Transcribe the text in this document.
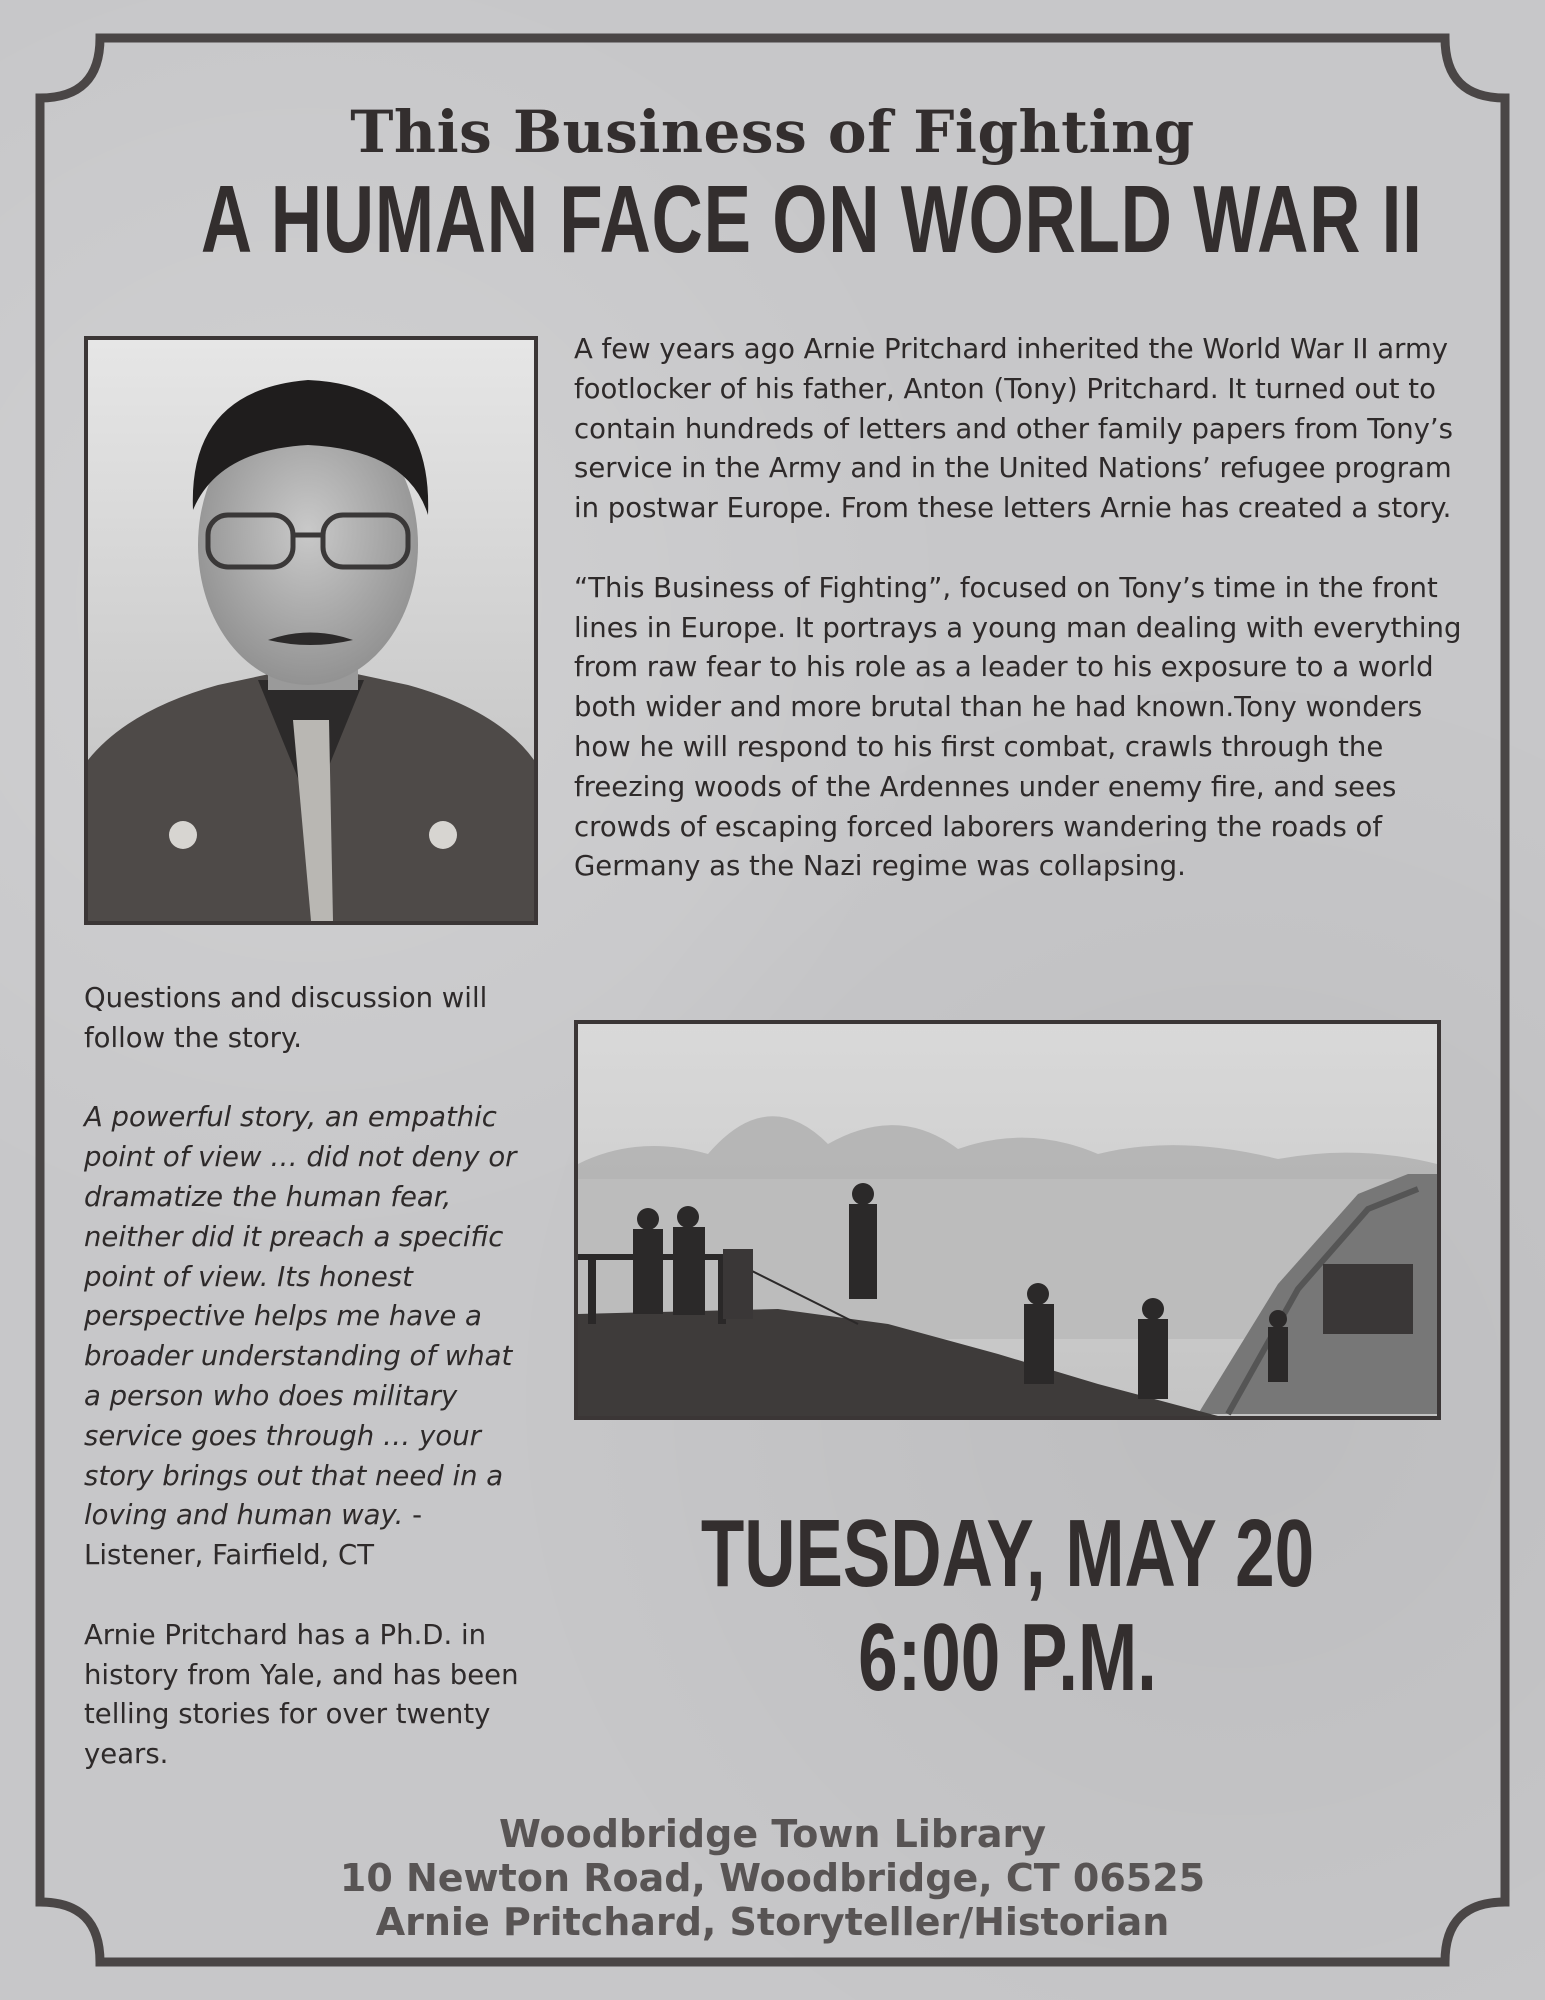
This Business of Fighting
A HUMAN FACE ON WORLD WAR II

A few years ago Arnie Pritchard inherited the World War II army footlocker of his father, Anton (Tony) Pritchard. It turned out to contain hundreds of letters and other family papers from Tony’s service in the Army and in the United Nations’ refugee program in postwar Europe. From these letters Arnie has created a story.

“This Business of Fighting”, focused on Tony’s time in the front lines in Europe. It portrays a young man dealing with everything from raw fear to his role as a leader to his exposure to a world both wider and more brutal than he had known.Tony wonders how he will respond to his first combat, crawls through the freezing woods of the Ardennes under enemy fire, and sees crowds of escaping forced laborers wandering the roads of Germany as the Nazi regime was collapsing.

Questions and discussion will follow the story.

A powerful story, an empathic point of view … did not deny or dramatize the human fear, neither did it preach a specific point of view. Its honest perspective helps me have a broader understanding of what a person who does military service goes through … your story brings out that need in a loving and human way. - Listener, Fairfield, CT

Arnie Pritchard has a Ph.D. in history from Yale, and has been telling stories for over twenty years.

TUESDAY, MAY 20
6:00 P.M.
Woodbridge Town Library
10 Newton Road, Woodbridge, CT 06525
Arnie Pritchard, Storyteller/Historian
